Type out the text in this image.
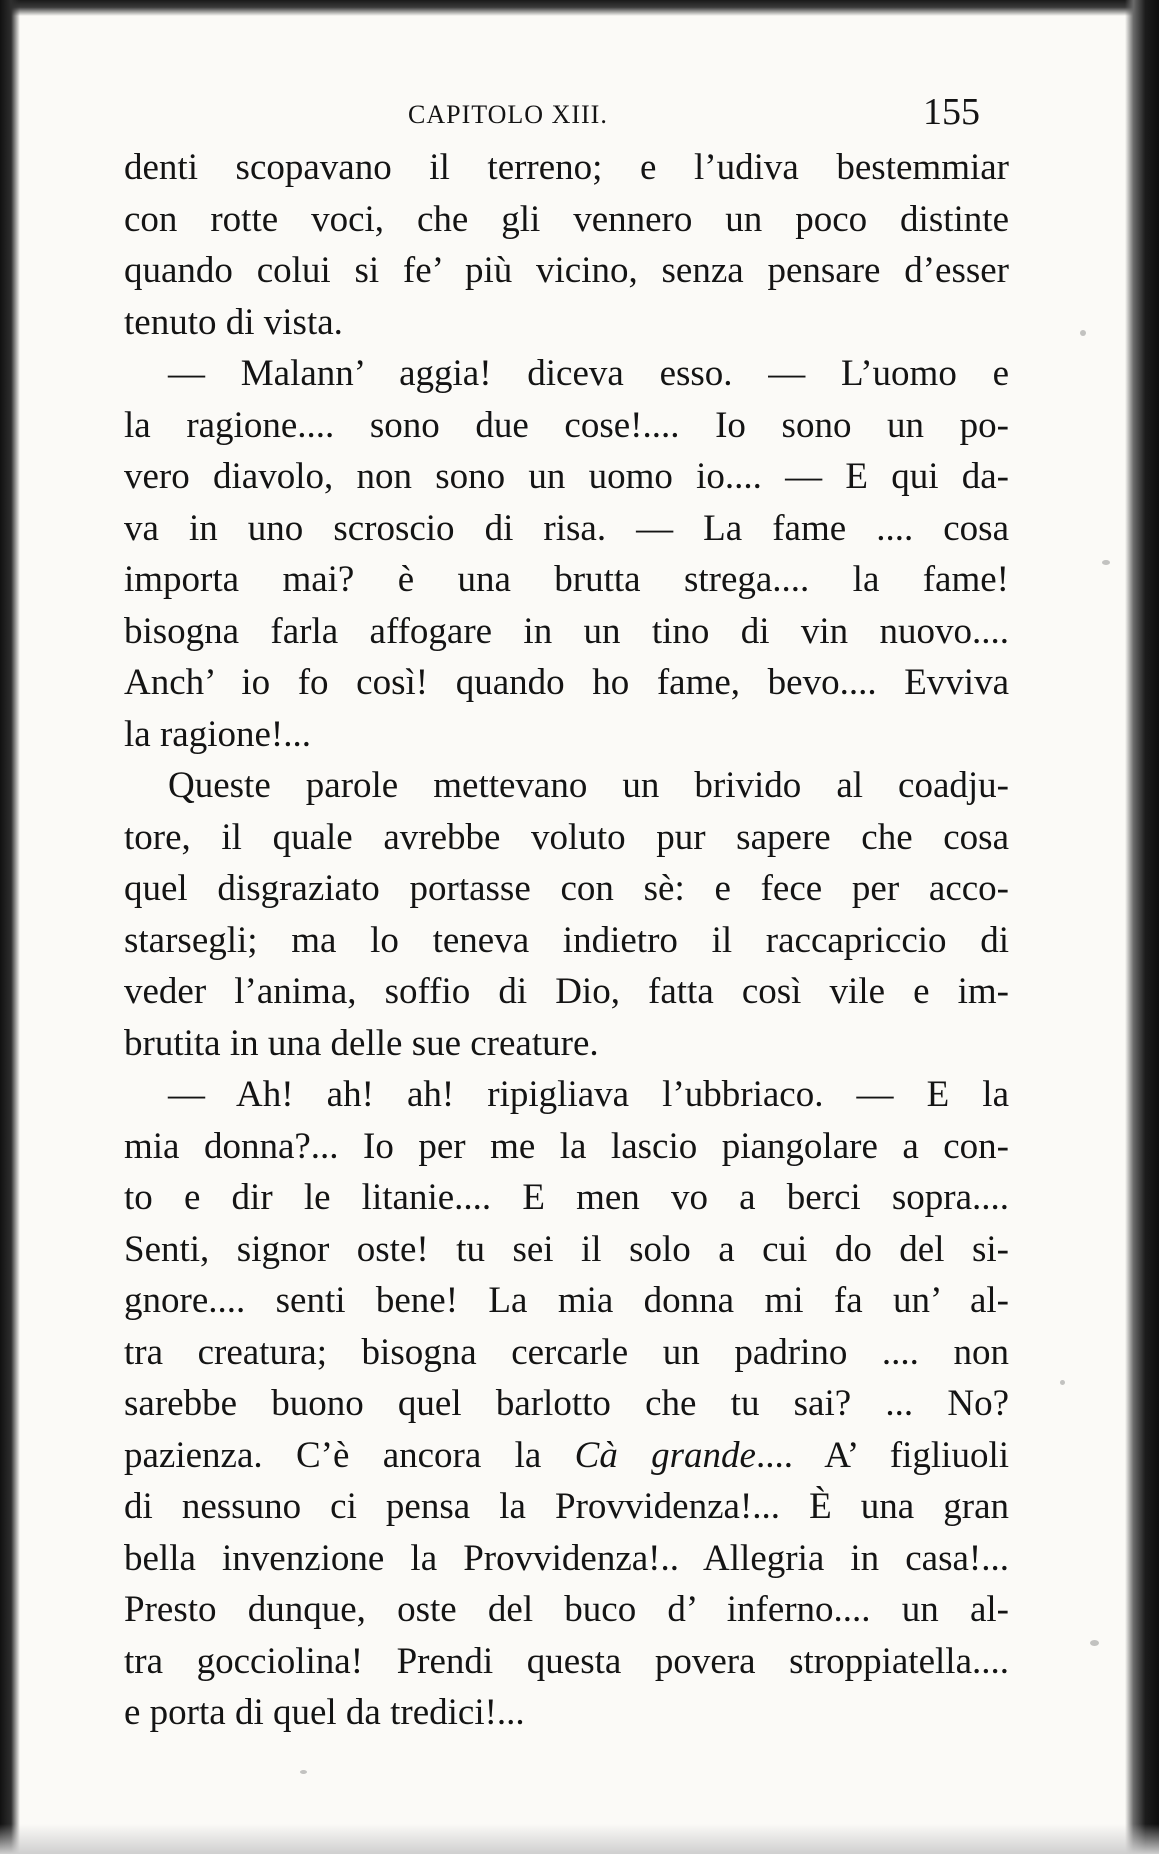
CAPITOLO XIII.	155
denti scopavano il terreno; e l’udiva bestemmiar
con rotte voci, che gli vennero un poco distinte
quando colui si fe’ più vicino, senza pensare d’esser
tenuto di vista.
— Malann’ aggia! diceva esso. — L’uomo e
la ragione.... sono due cose!.... Io sono un po-
vero diavolo, non sono un uomo io.... — E qui da-
va in uno scroscio di risa. — La fame .... cosa
importa mai? è una brutta strega.... la fame!
bisogna farla affogare in un tino di vin nuovo....
Anch’ io fo così! quando ho fame, bevo.... Evviva
la ragione!...
Queste parole mettevano un brivido al coadju-
tore, il quale avrebbe voluto pur sapere che cosa
quel disgraziato portasse con sè: e fece per acco-
starsegli; ma lo teneva indietro il raccapriccio di
veder l’anima, soffio di Dio, fatta così vile e im-
brutita in una delle sue creature.
— Ah! ah! ah! ripigliava l’ubbriaco. — E la
mia donna?... Io per me la lascio piangolare a con-
to e dir le litanie.... E men vo a berci sopra....
Senti, signor oste! tu sei il solo a cui do del si-
gnore.... senti bene! La mia donna mi fa un’ al-
tra creatura; bisogna cercarle un padrino .... non
sarebbe buono quel barlotto che tu sai? ... No?
pazienza. C’è ancora la Cà grande.... A’ figliuoli
di nessuno ci pensa la Provvidenza!... È una gran
bella invenzione la Provvidenza!.. Allegria in casa!...
Presto dunque, oste del buco d’ inferno.... un al-
tra gocciolina! Prendi questa povera stroppiatella....
e porta di quel da tredici!...
